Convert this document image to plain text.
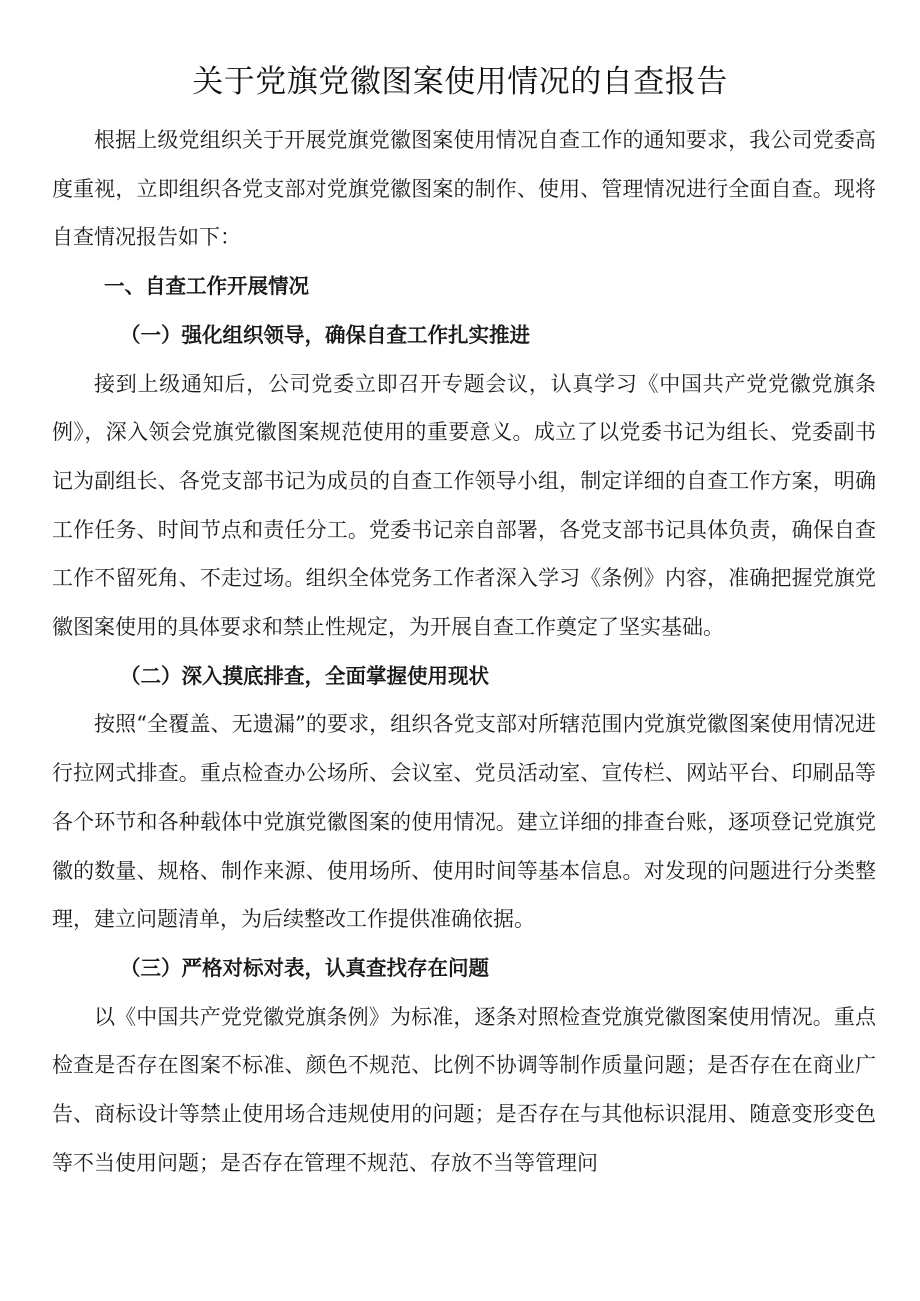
关于党旗党徽图案使用情况的自查报告

根据上级党组织关于开展党旗党徽图案使用情况自查工作的通知要求，我公司党委高度重视，立即组织各党支部对党旗党徽图案的制作、使用、管理情况进行全面自查。现将自查情况报告如下：

一、自查工作开展情况

（一）强化组织领导，确保自查工作扎实推进

接到上级通知后，公司党委立即召开专题会议，认真学习《中国共产党党徽党旗条例》，深入领会党旗党徽图案规范使用的重要意义。成立了以党委书记为组长、党委副书记为副组长、各党支部书记为成员的自查工作领导小组，制定详细的自查工作方案，明确工作任务、时间节点和责任分工。党委书记亲自部署，各党支部书记具体负责，确保自查工作不留死角、不走过场。组织全体党务工作者深入学习《条例》内容，准确把握党旗党徽图案使用的具体要求和禁止性规定，为开展自查工作奠定了坚实基础。

（二）深入摸底排查，全面掌握使用现状

按照“全覆盖、无遗漏”的要求，组织各党支部对所辖范围内党旗党徽图案使用情况进行拉网式排查。重点检查办公场所、会议室、党员活动室、宣传栏、网站平台、印刷品等各个环节和各种载体中党旗党徽图案的使用情况。建立详细的排查台账，逐项登记党旗党徽的数量、规格、制作来源、使用场所、使用时间等基本信息。对发现的问题进行分类整理，建立问题清单，为后续整改工作提供准确依据。

（三）严格对标对表，认真查找存在问题

以《中国共产党党徽党旗条例》为标准，逐条对照检查党旗党徽图案使用情况。重点检查是否存在图案不标准、颜色不规范、比例不协调等制作质量问题；是否存在在商业广告、商标设计等禁止使用场合违规使用的问题；是否存在与其他标识混用、随意变形变色等不当使用问题；是否存在管理不规范、存放不当等管理问
